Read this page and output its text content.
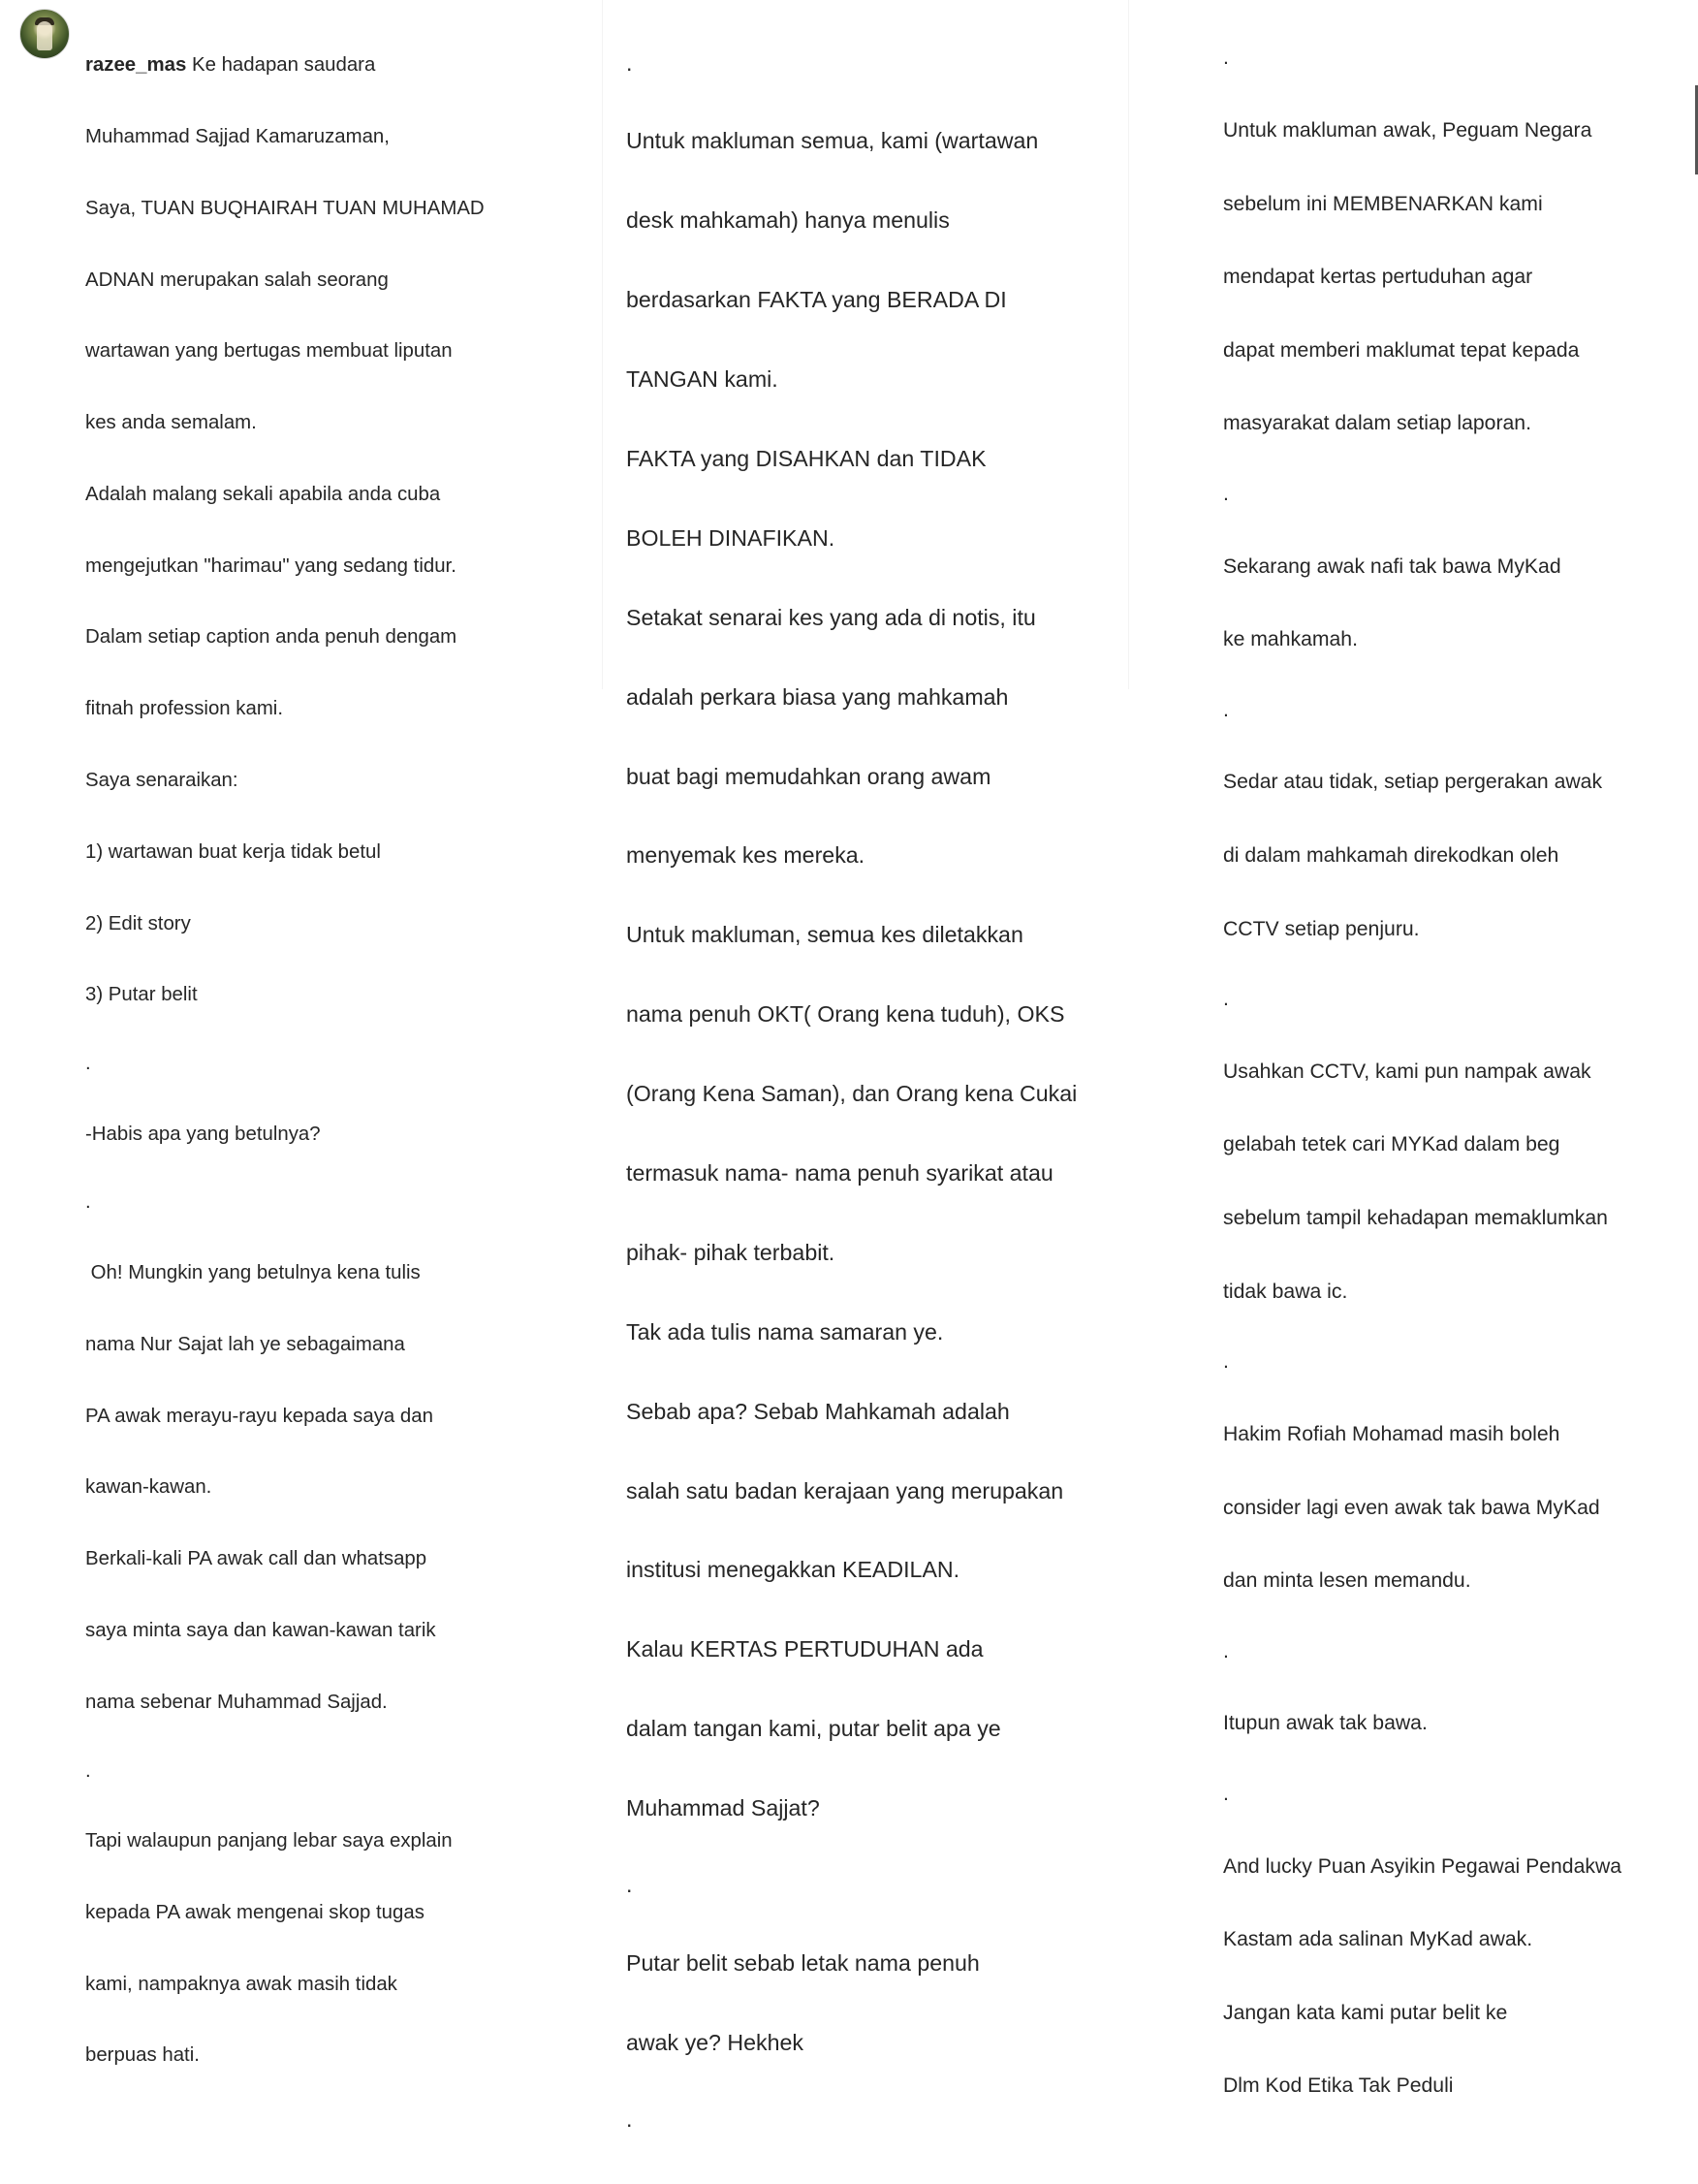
razee_mas Ke hadapan saudara

Muhammad Sajjad Kamaruzaman,

Saya, TUAN BUQHAIRAH TUAN MUHAMAD

ADNAN merupakan salah seorang

wartawan yang bertugas membuat liputan

kes anda semalam.

Adalah malang sekali apabila anda cuba

mengejutkan "harimau" yang sedang tidur.

Dalam setiap caption anda penuh dengam

fitnah profession kami.

Saya senaraikan:

1) wartawan buat kerja tidak betul

2) Edit story

3) Putar belit

.

-Habis apa yang betulnya?

.

Oh! Mungkin yang betulnya kena tulis

nama Nur Sajat lah ye sebagaimana

PA awak merayu-rayu kepada saya dan

kawan-kawan.

Berkali-kali PA awak call dan whatsapp

saya minta saya dan kawan-kawan tarik

nama sebenar Muhammad Sajjad.

.

Tapi walaupun panjang lebar saya explain

kepada PA awak mengenai skop tugas

kami, nampaknya awak masih tidak

berpuas hati.

.

Untuk makluman semua, kami (wartawan

desk mahkamah) hanya menulis

berdasarkan FAKTA yang BERADA DI

TANGAN kami.

FAKTA yang DISAHKAN dan TIDAK

BOLEH DINAFIKAN.

Setakat senarai kes yang ada di notis, itu

adalah perkara biasa yang mahkamah

buat bagi memudahkan orang awam

menyemak kes mereka.

Untuk makluman, semua kes diletakkan

nama penuh OKT( Orang kena tuduh), OKS

(Orang Kena Saman), dan Orang kena Cukai

termasuk nama- nama penuh syarikat atau

pihak- pihak terbabit.

Tak ada tulis nama samaran ye.

Sebab apa? Sebab Mahkamah adalah

salah satu badan kerajaan yang merupakan

institusi menegakkan KEADILAN.

Kalau KERTAS PERTUDUHAN ada

dalam tangan kami, putar belit apa ye

Muhammad Sajjat?

.

Putar belit sebab letak nama penuh

awak ye? Hekhek

.

.

Untuk makluman awak, Peguam Negara

sebelum ini MEMBENARKAN kami

mendapat kertas pertuduhan agar

dapat memberi maklumat tepat kepada

masyarakat dalam setiap laporan.

.

Sekarang awak nafi tak bawa MyKad

ke mahkamah.

.

Sedar atau tidak, setiap pergerakan awak

di dalam mahkamah direkodkan oleh

CCTV setiap penjuru.

.

Usahkan CCTV, kami pun nampak awak

gelabah tetek cari MYKad dalam beg

sebelum tampil kehadapan memaklumkan

tidak bawa ic.

.

Hakim Rofiah Mohamad masih boleh

consider lagi even awak tak bawa MyKad

dan minta lesen memandu.

.

Itupun awak tak bawa.

.

And lucky Puan Asyikin Pegawai Pendakwa

Kastam ada salinan MyKad awak.

Jangan kata kami putar belit ke

Dlm Kod Etika Tak Peduli
